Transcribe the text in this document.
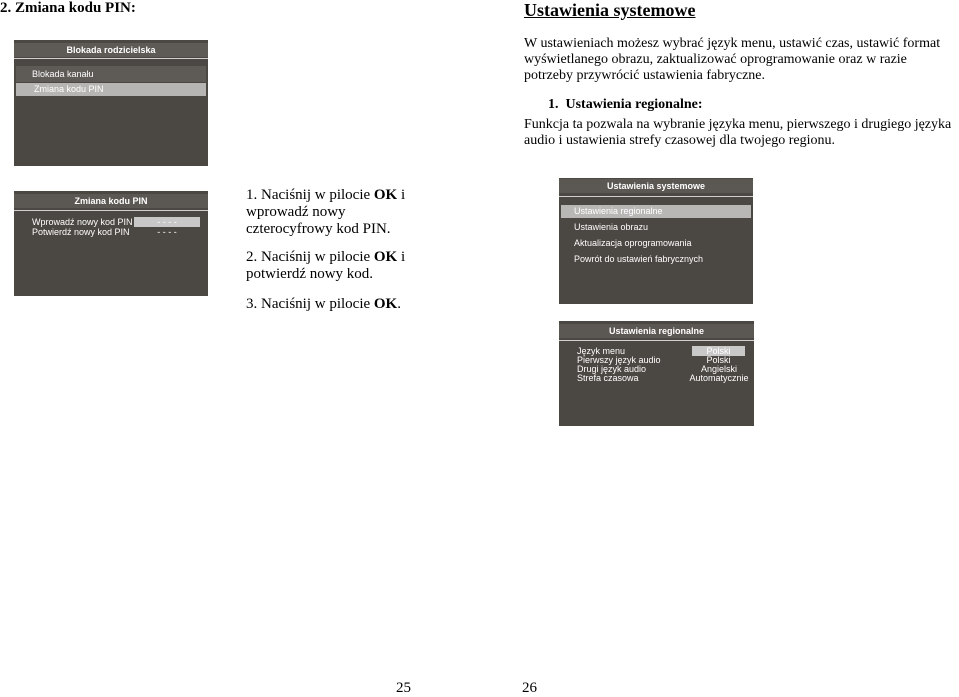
2. Zmiana kodu PIN:
Blokada rodzicielska
Blokada kanału
Zmiana kodu PIN
Zmiana kodu PIN
Wprowadź nowy kod PIN	- - - -
Potwierdź nowy kod PIN	- - - -
1. Naciśnij w pilocie OK i wprowadź nowy czterocyfrowy kod PIN.
2. Naciśnij w pilocie OK i potwierdź nowy kod.
3. Naciśnij w pilocie OK.
25
Ustawienia systemowe
W ustawieniach możesz wybrać język menu, ustawić czas, ustawić format wyświetlanego obrazu, zaktualizować oprogramowanie oraz w razie potrzeby przywrócić ustawienia fabryczne.
1. Ustawienia regionalne:
Funkcja ta pozwala na wybranie języka menu, pierwszego i drugiego języka audio i ustawienia strefy czasowej dla twojego regionu.
Ustawienia systemowe
Ustawienia regionalne
Ustawienia obrazu
Aktualizacja oprogramowania
Powrót do ustawień fabrycznych
Ustawienia regionalne
Język menu	Polski
Pierwszy język audio	Polski
Drugi język audio	Angielski
Strefa czasowa	Automatycznie
26
